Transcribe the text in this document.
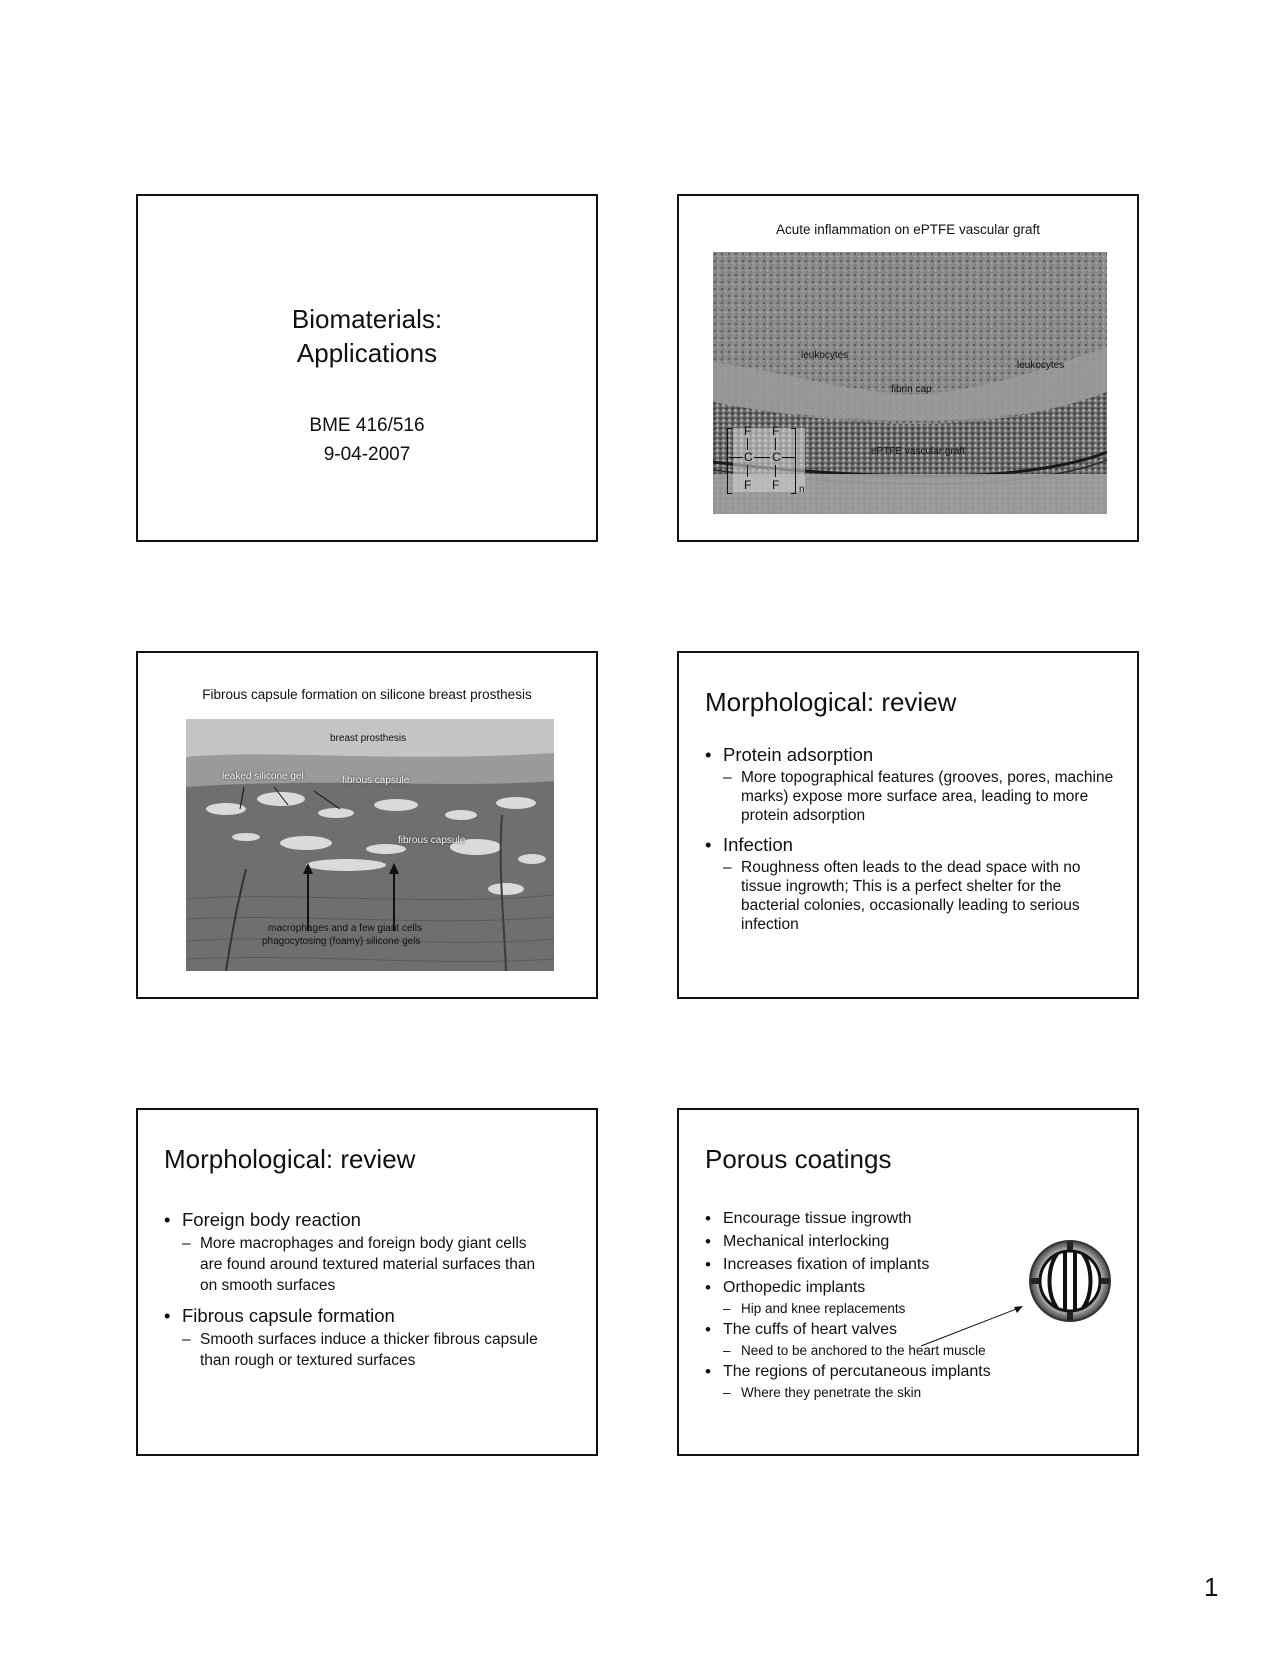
Biomaterials:
Applications
BME 416/516
9-04-2007
Acute inflammation on ePTFE vascular graft
leukocytes
leukocytes
fibrin cap
ePTFE vascular graft
F F
C C
F F n
Fibrous capsule formation on silicone breast prosthesis
breast prosthesis
leaked silicone gel	fibrous capsule
fibrous capsule
macrophages and a few giant cells
phagocytosing (foamy) silicone gels
Morphological: review
• Protein adsorption
– More topographical features (grooves, pores, machine marks) expose more surface area, leading to more protein adsorption
• Infection
– Roughness often leads to the dead space with no tissue ingrowth; This is a perfect shelter for the bacterial colonies, occasionally leading to serious infection
Morphological: review
• Foreign body reaction
– More macrophages and foreign body giant cells are found around textured material surfaces than on smooth surfaces
• Fibrous capsule formation
– Smooth surfaces induce a thicker fibrous capsule than rough or textured surfaces
Porous coatings
• Encourage tissue ingrowth
• Mechanical interlocking
• Increases fixation of implants
• Orthopedic implants
– Hip and knee replacements
• The cuffs of heart valves
– Need to be anchored to the heart muscle
• The regions of percutaneous implants
– Where they penetrate the skin
1
